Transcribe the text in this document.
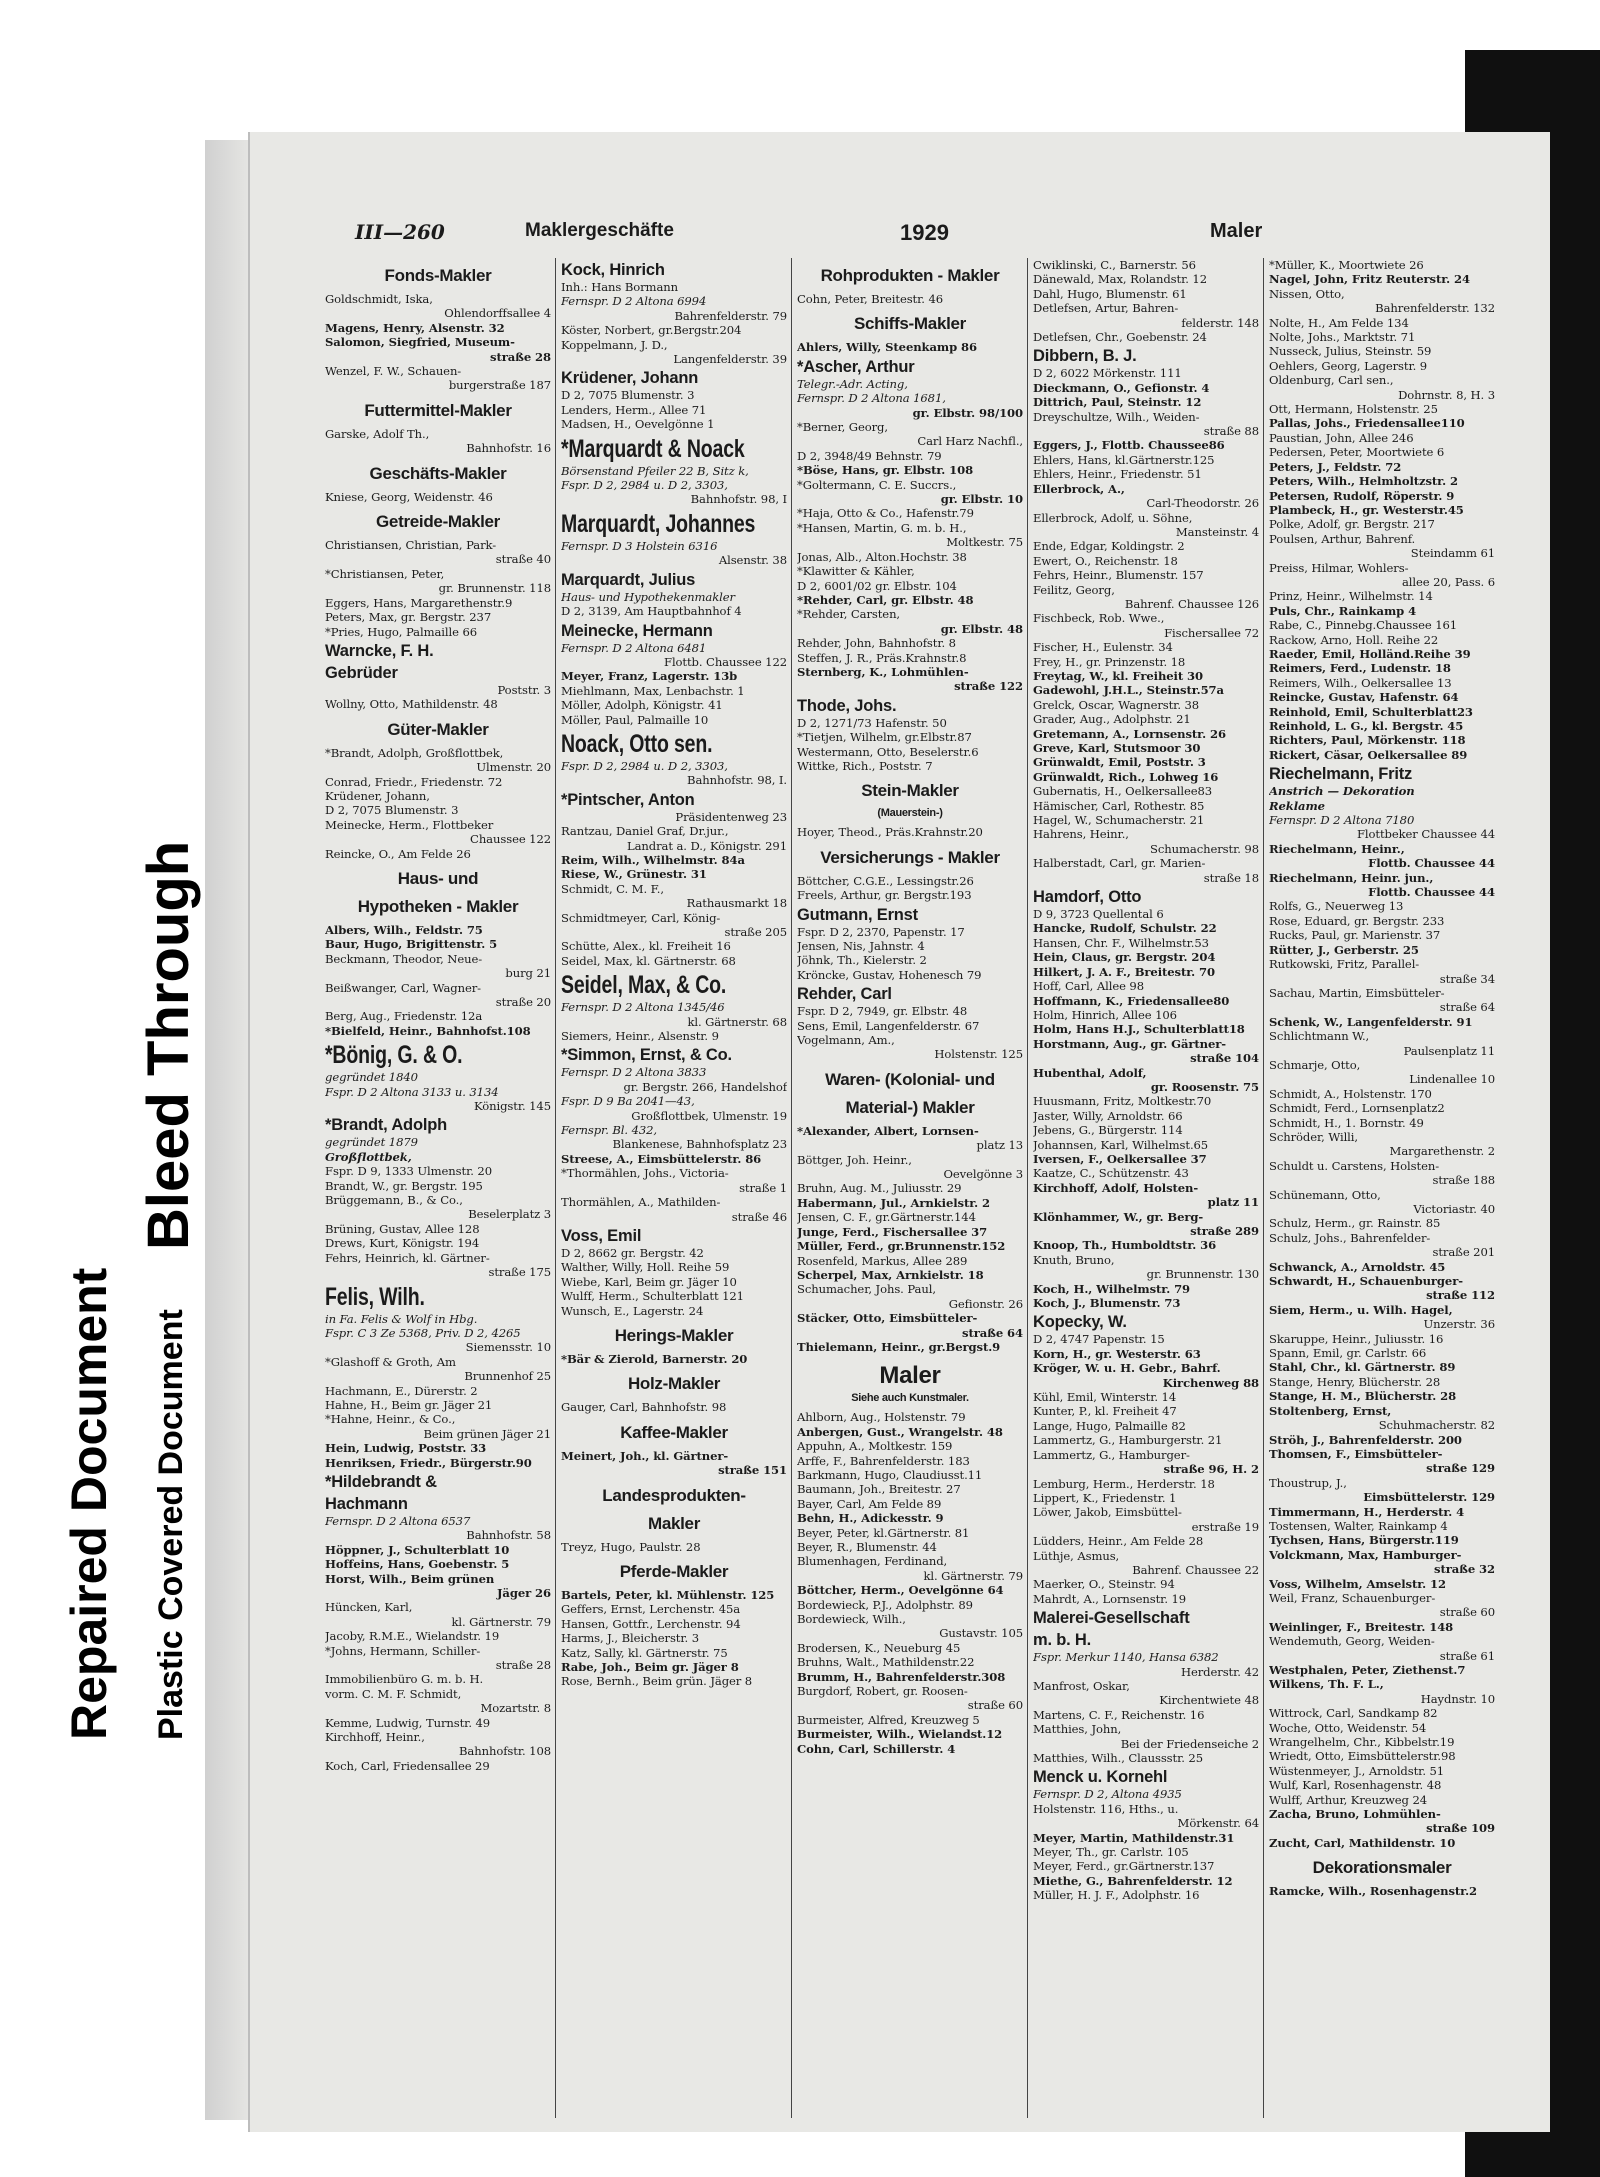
Bleed Through
Repaired Document Plastic Covered Document
III—260	Maklergeschäfte	1929	Maler
Fonds-Makler
Goldschmidt, Iska,
Ohlendorffsallee 4
Magens, Henry, Alsenstr. 32
Salomon, Siegfried, Museum-
straße 28
Wenzel, F. W., Schauen-
burgerstraße 187
Futtermittel-Makler
Garske, Adolf Th.,
Bahnhofstr. 16
Geschäfts-Makler
Kniese, Georg, Weidenstr. 46
Getreide-Makler
Christiansen, Christian, Park-
straße 40
*Christiansen, Peter,
gr. Brunnenstr. 118
Eggers, Hans, Margarethenstr.9
Peters, Max, gr. Bergstr. 237
*Pries, Hugo, Palmaille 66
Warncke, F. H.
Gebrüder
Poststr. 3
Wollny, Otto, Mathildenstr. 48
Güter-Makler
*Brandt, Adolph, Großflottbek,
Ulmenstr. 20
Conrad, Friedr., Friedenstr. 72
Krüdener, Johann,
D 2, 7075 Blumenstr. 3
Meinecke, Herm., Flottbeker
Chaussee 122
Reincke, O., Am Felde 26
Haus- und
Hypotheken - Makler
Albers, Wilh., Feldstr. 75
Baur, Hugo, Brigittenstr. 5
Beckmann, Theodor, Neue-
burg 21
Beißwanger, Carl, Wagner-
straße 20
Berg, Aug., Friedenstr. 12a
*Bielfeld, Heinr., Bahnhofst.108
*Bönig, G. & O.
gegründet 1840
Fspr. D 2 Altona 3133 u. 3134
Königstr. 145
*Brandt, Adolph
gegründet 1879
Großflottbek,
Fspr. D 9, 1333 Ulmenstr. 20
Brandt, W., gr. Bergstr. 195
Brüggemann, B., & Co.,
Beselerplatz 3
Brüning, Gustav, Allee 128
Drews, Kurt, Königstr. 194
Fehrs, Heinrich, kl. Gärtner-
straße 175
Felis, Wilh.
in Fa. Felis & Wolf in Hbg.
Fspr. C 3 Ze 5368, Priv. D 2, 4265
Siemensstr. 10
*Glashoff & Groth, Am
Brunnenhof 25
Hachmann, E., Dürerstr. 2
Hahne, H., Beim gr. Jäger 21
*Hahne, Heinr., & Co.,
Beim grünen Jäger 21
Hein, Ludwig, Poststr. 33
Henriksen, Friedr., Bürgerstr.90
*Hildebrandt &
Hachmann
Fernspr. D 2 Altona 6537
Bahnhofstr. 58
Höppner, J., Schulterblatt 10
Hoffeins, Hans, Goebenstr. 5
Horst, Wilh., Beim grünen
Jäger 26
Hüncken, Karl,
kl. Gärtnerstr. 79
Jacoby, R.M.E., Wielandstr. 19
*Johns, Hermann, Schiller-
straße 28
Immobilienbüro G. m. b. H.
vorm. C. M. F. Schmidt,
Mozartstr. 8
Kemme, Ludwig, Turnstr. 49
Kirchhoff, Heinr.,
Bahnhofstr. 108
Koch, Carl, Friedensallee 29
Kock, Hinrich
Inh.: Hans Bormann
Fernspr. D 2 Altona 6994
Bahrenfelderstr. 79
Köster, Norbert, gr.Bergstr.204
Koppelmann, J. D.,
Langenfelderstr. 39
Krüdener, Johann
D 2, 7075 Blumenstr. 3
Lenders, Herm., Allee 71
Madsen, H., Oevelgönne 1
*Marquardt & Noack
Börsenstand Pfeiler 22 B, Sitz k,
Fspr. D 2, 2984 u. D 2, 3303,
Bahnhofstr. 98, I
Marquardt, Johannes
Fernspr. D 3 Holstein 6316
Alsenstr. 38
Marquardt, Julius
Haus- und Hypothekenmakler
D 2, 3139, Am Hauptbahnhof 4
Meinecke, Hermann
Fernspr. D 2 Altona 6481
Flottb. Chaussee 122
Meyer, Franz, Lagerstr. 13b
Miehlmann, Max, Lenbachstr. 1
Möller, Adolph, Königstr. 41
Möller, Paul, Palmaille 10
Noack, Otto sen.
Fspr. D 2, 2984 u. D 2, 3303,
Bahnhofstr. 98, I.
*Pintscher, Anton
Präsidentenweg 23
Rantzau, Daniel Graf, Dr.jur.,
Landrat a. D., Königstr. 291
Reim, Wilh., Wilhelmstr. 84a
Riese, W., Grünestr. 31
Schmidt, C. M. F.,
Rathausmarkt 18
Schmidtmeyer, Carl, König-
straße 205
Schütte, Alex., kl. Freiheit 16
Seidel, Max, kl. Gärtnerstr. 68
Seidel, Max, & Co.
Fernspr. D 2 Altona 1345/46
kl. Gärtnerstr. 68
Siemers, Heinr., Alsenstr. 9
*Simmon, Ernst, & Co.
Fernspr. D 2 Altona 3833
gr. Bergstr. 266, Handelshof
Fspr. D 9 Ba 2041—43,
Großflottbek, Ulmenstr. 19
Fernspr. Bl. 432,
Blankenese, Bahnhofsplatz 23
Streese, A., Eimsbüttelerstr. 86
*Thormählen, Johs., Victoria-
straße 1
Thormählen, A., Mathilden-
straße 46
Voss, Emil
D 2, 8662 gr. Bergstr. 42
Walther, Willy, Holl. Reihe 59
Wiebe, Karl, Beim gr. Jäger 10
Wulff, Herm., Schulterblatt 121
Wunsch, E., Lagerstr. 24
Herings-Makler
*Bär & Zierold, Barnerstr. 20
Holz-Makler
Gauger, Carl, Bahnhofstr. 98
Kaffee-Makler
Meinert, Joh., kl. Gärtner-
straße 151
Landesprodukten-
Makler
Treyz, Hugo, Paulstr. 28
Pferde-Makler
Bartels, Peter, kl. Mühlenstr. 125
Geffers, Ernst, Lerchenstr. 45a
Hansen, Gottfr., Lerchenstr. 94
Harms, J., Bleicherstr. 3
Katz, Sally, kl. Gärtnerstr. 75
Rabe, Joh., Beim gr. Jäger 8
Rose, Bernh., Beim grün. Jäger 8
Rohprodukten - Makler
Cohn, Peter, Breitestr. 46
Schiffs-Makler
Ahlers, Willy, Steenkamp 86
*Ascher, Arthur
Telegr.-Adr. Acting,
Fernspr. D 2 Altona 1681,
gr. Elbstr. 98/100
*Berner, Georg,
Carl Harz Nachfl.,
D 2, 3948/49 Behnstr. 79
*Böse, Hans, gr. Elbstr. 108
*Goltermann, C. E. Succrs.,
gr. Elbstr. 10
*Haja, Otto & Co., Hafenstr.79
*Hansen, Martin, G. m. b. H.,
Moltkestr. 75
Jonas, Alb., Alton.Hochstr. 38
*Klawitter & Kähler,
D 2, 6001/02 gr. Elbstr. 104
*Rehder, Carl, gr. Elbstr. 48
*Rehder, Carsten,
gr. Elbstr. 48
Rehder, John, Bahnhofstr. 8
Steffen, J. R., Präs.Krahnstr.8
Sternberg, K., Lohmühlen-
straße 122
Thode, Johs.
D 2, 1271/73 Hafenstr. 50
*Tietjen, Wilhelm, gr.Elbstr.87
Westermann, Otto, Beselerstr.6
Wittke, Rich., Poststr. 7
Stein-Makler
(Mauerstein-)
Hoyer, Theod., Präs.Krahnstr.20
Versicherungs - Makler
Böttcher, C.G.E., Lessingstr.26
Freels, Arthur, gr. Bergstr.193
Gutmann, Ernst
Fspr. D 2, 2370, Papenstr. 17
Jensen, Nis, Jahnstr. 4
Jöhnk, Th., Kielerstr. 2
Kröncke, Gustav, Hohenesch 79
Rehder, Carl
Fspr. D 2, 7949, gr. Elbstr. 48
Sens, Emil, Langenfelderstr. 67
Vogelmann, Am.,
Holstenstr. 125
Waren- (Kolonial- und
Material-) Makler
*Alexander, Albert, Lornsen-
platz 13
Böttger, Joh. Heinr.,
Oevelgönne 3
Bruhn, Aug. M., Juliusstr. 29
Habermann, Jul., Arnkielstr. 2
Jensen, C. F., gr.Gärtnerstr.144
Junge, Ferd., Fischersallee 37
Müller, Ferd., gr.Brunnenstr.152
Rosenfeld, Markus, Allee 289
Scherpel, Max, Arnkielstr. 18
Schumacher, Johs. Paul,
Gefionstr. 26
Stäcker, Otto, Eimsbütteler-
straße 64
Thielemann, Heinr., gr.Bergst.9
Maler
Siehe auch Kunstmaler.
Ahlborn, Aug., Holstenstr. 79
Anbergen, Gust., Wrangelstr. 48
Appuhn, A., Moltkestr. 159
Arffe, F., Bahrenfelderstr. 183
Barkmann, Hugo, Claudiusst.11
Baumann, Joh., Breitestr. 27
Bayer, Carl, Am Felde 89
Behn, H., Adickesstr. 9
Beyer, Peter, kl.Gärtnerstr. 81
Beyer, R., Blumenstr. 44
Blumenhagen, Ferdinand,
kl. Gärtnerstr. 79
Böttcher, Herm., Oevelgönne 64
Bordewieck, P.J., Adolphstr. 89
Bordewieck, Wilh.,
Gustavstr. 105
Brodersen, K., Neueburg 45
Bruhns, Walt., Mathildenstr.22
Brumm, H., Bahrenfelderstr.308
Burgdorf, Robert, gr. Roosen-
straße 60
Burmeister, Alfred, Kreuzweg 5
Burmeister, Wilh., Wielandst.12
Cohn, Carl, Schillerstr. 4
Cwiklinski, C., Barnerstr. 56
Dänewald, Max, Rolandstr. 12
Dahl, Hugo, Blumenstr. 61
Detlefsen, Artur, Bahren-
felderstr. 148
Detlefsen, Chr., Goebenstr. 24
Dibbern, B. J.
D 2, 6022 Mörkenstr. 111
Dieckmann, O., Gefionstr. 4
Dittrich, Paul, Steinstr. 12
Dreyschultze, Wilh., Weiden-
straße 88
Eggers, J., Flottb. Chaussee86
Ehlers, Hans, kl.Gärtnerstr.125
Ehlers, Heinr., Friedenstr. 51
Ellerbrock, A.,
Carl-Theodorstr. 26
Ellerbrock, Adolf, u. Söhne,
Mansteinstr. 4
Ende, Edgar, Koldingstr. 2
Ewert, O., Reichenstr. 18
Fehrs, Heinr., Blumenstr. 157
Feilitz, Georg,
Bahrenf. Chaussee 126
Fischbeck, Rob. Wwe.,
Fischersallee 72
Fischer, H., Eulenstr. 34
Frey, H., gr. Prinzenstr. 18
Freytag, W., kl. Freiheit 30
Gadewohl, J.H.L., Steinstr.57a
Grelck, Oscar, Wagnerstr. 38
Grader, Aug., Adolphstr. 21
Gretemann, A., Lornsenstr. 26
Greve, Karl, Stutsmoor 30
Grünwaldt, Emil, Poststr. 3
Grünwaldt, Rich., Lohweg 16
Gubernatis, H., Oelkersallee83
Hämischer, Carl, Rothestr. 85
Hagel, W., Schumacherstr. 21
Hahrens, Heinr.,
Schumacherstr. 98
Halberstadt, Carl, gr. Marien-
straße 18
Hamdorf, Otto
D 9, 3723 Quellental 6
Hancke, Rudolf, Schulstr. 22
Hansen, Chr. F., Wilhelmstr.53
Hein, Claus, gr. Bergstr. 204
Hilkert, J. A. F., Breitestr. 70
Hoff, Carl, Allee 98
Hoffmann, K., Friedensallee80
Holm, Hinrich, Allee 106
Holm, Hans H.J., Schulterblatt18
Horstmann, Aug., gr. Gärtner-
straße 104
Hubenthal, Adolf,
gr. Roosenstr. 75
Huusmann, Fritz, Moltkestr.70
Jaster, Willy, Arnoldstr. 66
Jebens, G., Bürgerstr. 114
Johannsen, Karl, Wilhelmst.65
Iversen, F., Oelkersallee 37
Kaatze, C., Schützenstr. 43
Kirchhoff, Adolf, Holsten-
platz 11
Klönhammer, W., gr. Berg-
straße 289
Knoop, Th., Humboldtstr. 36
Knuth, Bruno,
gr. Brunnenstr. 130
Koch, H., Wilhelmstr. 79
Koch, J., Blumenstr. 73
Kopecky, W.
D 2, 4747 Papenstr. 15
Korn, H., gr. Westerstr. 63
Kröger, W. u. H. Gebr., Bahrf.
Kirchenweg 88
Kühl, Emil, Winterstr. 14
Kunter, P., kl. Freiheit 47
Lange, Hugo, Palmaille 82
Lammertz, G., Hamburgerstr. 21
Lammertz, G., Hamburger-
straße 96, H. 2
Lemburg, Herm., Herderstr. 18
Lippert, K., Friedenstr. 1
Löwer, Jakob, Eimsbüttel-
erstraße 19
Lüdders, Heinr., Am Felde 28
Lüthje, Asmus,
Bahrenf. Chaussee 22
Maerker, O., Steinstr. 94
Mahrdt, A., Lornsenstr. 19
Malerei-Gesellschaft
m. b. H.
Fspr. Merkur 1140, Hansa 6382
Herderstr. 42
Manfrost, Oskar,
Kirchentwiete 48
Martens, C. F., Reichenstr. 16
Matthies, John,
Bei der Friedenseiche 2
Matthies, Wilh., Claussstr. 25
Menck u. Kornehl
Fernspr. D 2, Altona 4935
Holstenstr. 116, Hths., u.
Mörkenstr. 64
Meyer, Martin, Mathildenstr.31
Meyer, Th., gr. Carlstr. 105
Meyer, Ferd., gr.Gärtnerstr.137
Miethe, G., Bahrenfelderstr. 12
Müller, H. J. F., Adolphstr. 16
*Müller, K., Moortwiete 26
Nagel, John, Fritz Reuterstr. 24
Nissen, Otto,
Bahrenfelderstr. 132
Nolte, H., Am Felde 134
Nolte, Johs., Marktstr. 71
Nusseck, Julius, Steinstr. 59
Oehlers, Georg, Lagerstr. 9
Oldenburg, Carl sen.,
Dohrnstr. 8, H. 3
Ott, Hermann, Holstenstr. 25
Pallas, Johs., Friedensallee110
Paustian, John, Allee 246
Pedersen, Peter, Moortwiete 6
Peters, J., Feldstr. 72
Peters, Wilh., Helmholtzstr. 2
Petersen, Rudolf, Röperstr. 9
Plambeck, H., gr. Westerstr.45
Polke, Adolf, gr. Bergstr. 217
Poulsen, Arthur, Bahrenf.
Steindamm 61
Preiss, Hilmar, Wohlers-
allee 20, Pass. 6
Prinz, Heinr., Wilhelmstr. 14
Puls, Chr., Rainkamp 4
Rabe, C., Pinnebg.Chaussee 161
Rackow, Arno, Holl. Reihe 22
Raeder, Emil, Holländ.Reihe 39
Reimers, Ferd., Ludenstr. 18
Reimers, Wilh., Oelkersallee 13
Reincke, Gustav, Hafenstr. 64
Reinhold, Emil, Schulterblatt23
Reinhold, L. G., kl. Bergstr. 45
Richters, Paul, Mörkenstr. 118
Rickert, Cäsar, Oelkersallee 89
Riechelmann, Fritz
Anstrich — Dekoration
Reklame
Fernspr. D 2 Altona 7180
Flottbeker Chaussee 44
Riechelmann, Heinr.,
Flottb. Chaussee 44
Riechelmann, Heinr. jun.,
Flottb. Chaussee 44
Rolfs, G., Neuerweg 13
Rose, Eduard, gr. Bergstr. 233
Rucks, Paul, gr. Marienstr. 37
Rütter, J., Gerberstr. 25
Rutkowski, Fritz, Parallel-
straße 34
Sachau, Martin, Eimsbütteler-
straße 64
Schenk, W., Langenfelderstr. 91
Schlichtmann W.,
Paulsenplatz 11
Schmarje, Otto,
Lindenallee 10
Schmidt, A., Holstenstr. 170
Schmidt, Ferd., Lornsenplatz2
Schmidt, H., 1. Bornstr. 49
Schröder, Willi,
Margarethenstr. 2
Schuldt u. Carstens, Holsten-
straße 188
Schünemann, Otto,
Victoriastr. 40
Schulz, Herm., gr. Rainstr. 85
Schulz, Johs., Bahrenfelder-
straße 201
Schwanck, A., Arnoldstr. 45
Schwardt, H., Schauenburger-
straße 112
Siem, Herm., u. Wilh. Hagel,
Unzerstr. 36
Skaruppe, Heinr., Juliusstr. 16
Spann, Emil, gr. Carlstr. 66
Stahl, Chr., kl. Gärtnerstr. 89
Stange, Henry, Blücherstr. 28
Stange, H. M., Blücherstr. 28
Stoltenberg, Ernst,
Schuhmacherstr. 82
Ströh, J., Bahrenfelderstr. 200
Thomsen, F., Eimsbütteler-
straße 129
Thoustrup, J.,
Eimsbüttelerstr. 129
Timmermann, H., Herderstr. 4
Tostensen, Walter, Rainkamp 4
Tychsen, Hans, Bürgerstr.119
Volckmann, Max, Hamburger-
straße 32
Voss, Wilhelm, Amselstr. 12
Weil, Franz, Schauenburger-
straße 60
Weinlinger, F., Breitestr. 148
Wendemuth, Georg, Weiden-
straße 61
Westphalen, Peter, Ziethenst.7
Wilkens, Th. F. L.,
Haydnstr. 10
Wittrock, Carl, Sandkamp 82
Woche, Otto, Weidenstr. 54
Wrangelhelm, Chr., Kibbelstr.19
Wriedt, Otto, Eimsbüttelerstr.98
Wüstenmeyer, J., Arnoldstr. 51
Wulf, Karl, Rosenhagenstr. 48
Wulff, Arthur, Kreuzweg 24
Zacha, Bruno, Lohmühlen-
straße 109
Zucht, Carl, Mathildenstr. 10
Dekorationsmaler
Ramcke, Wilh., Rosenhagenstr.2
